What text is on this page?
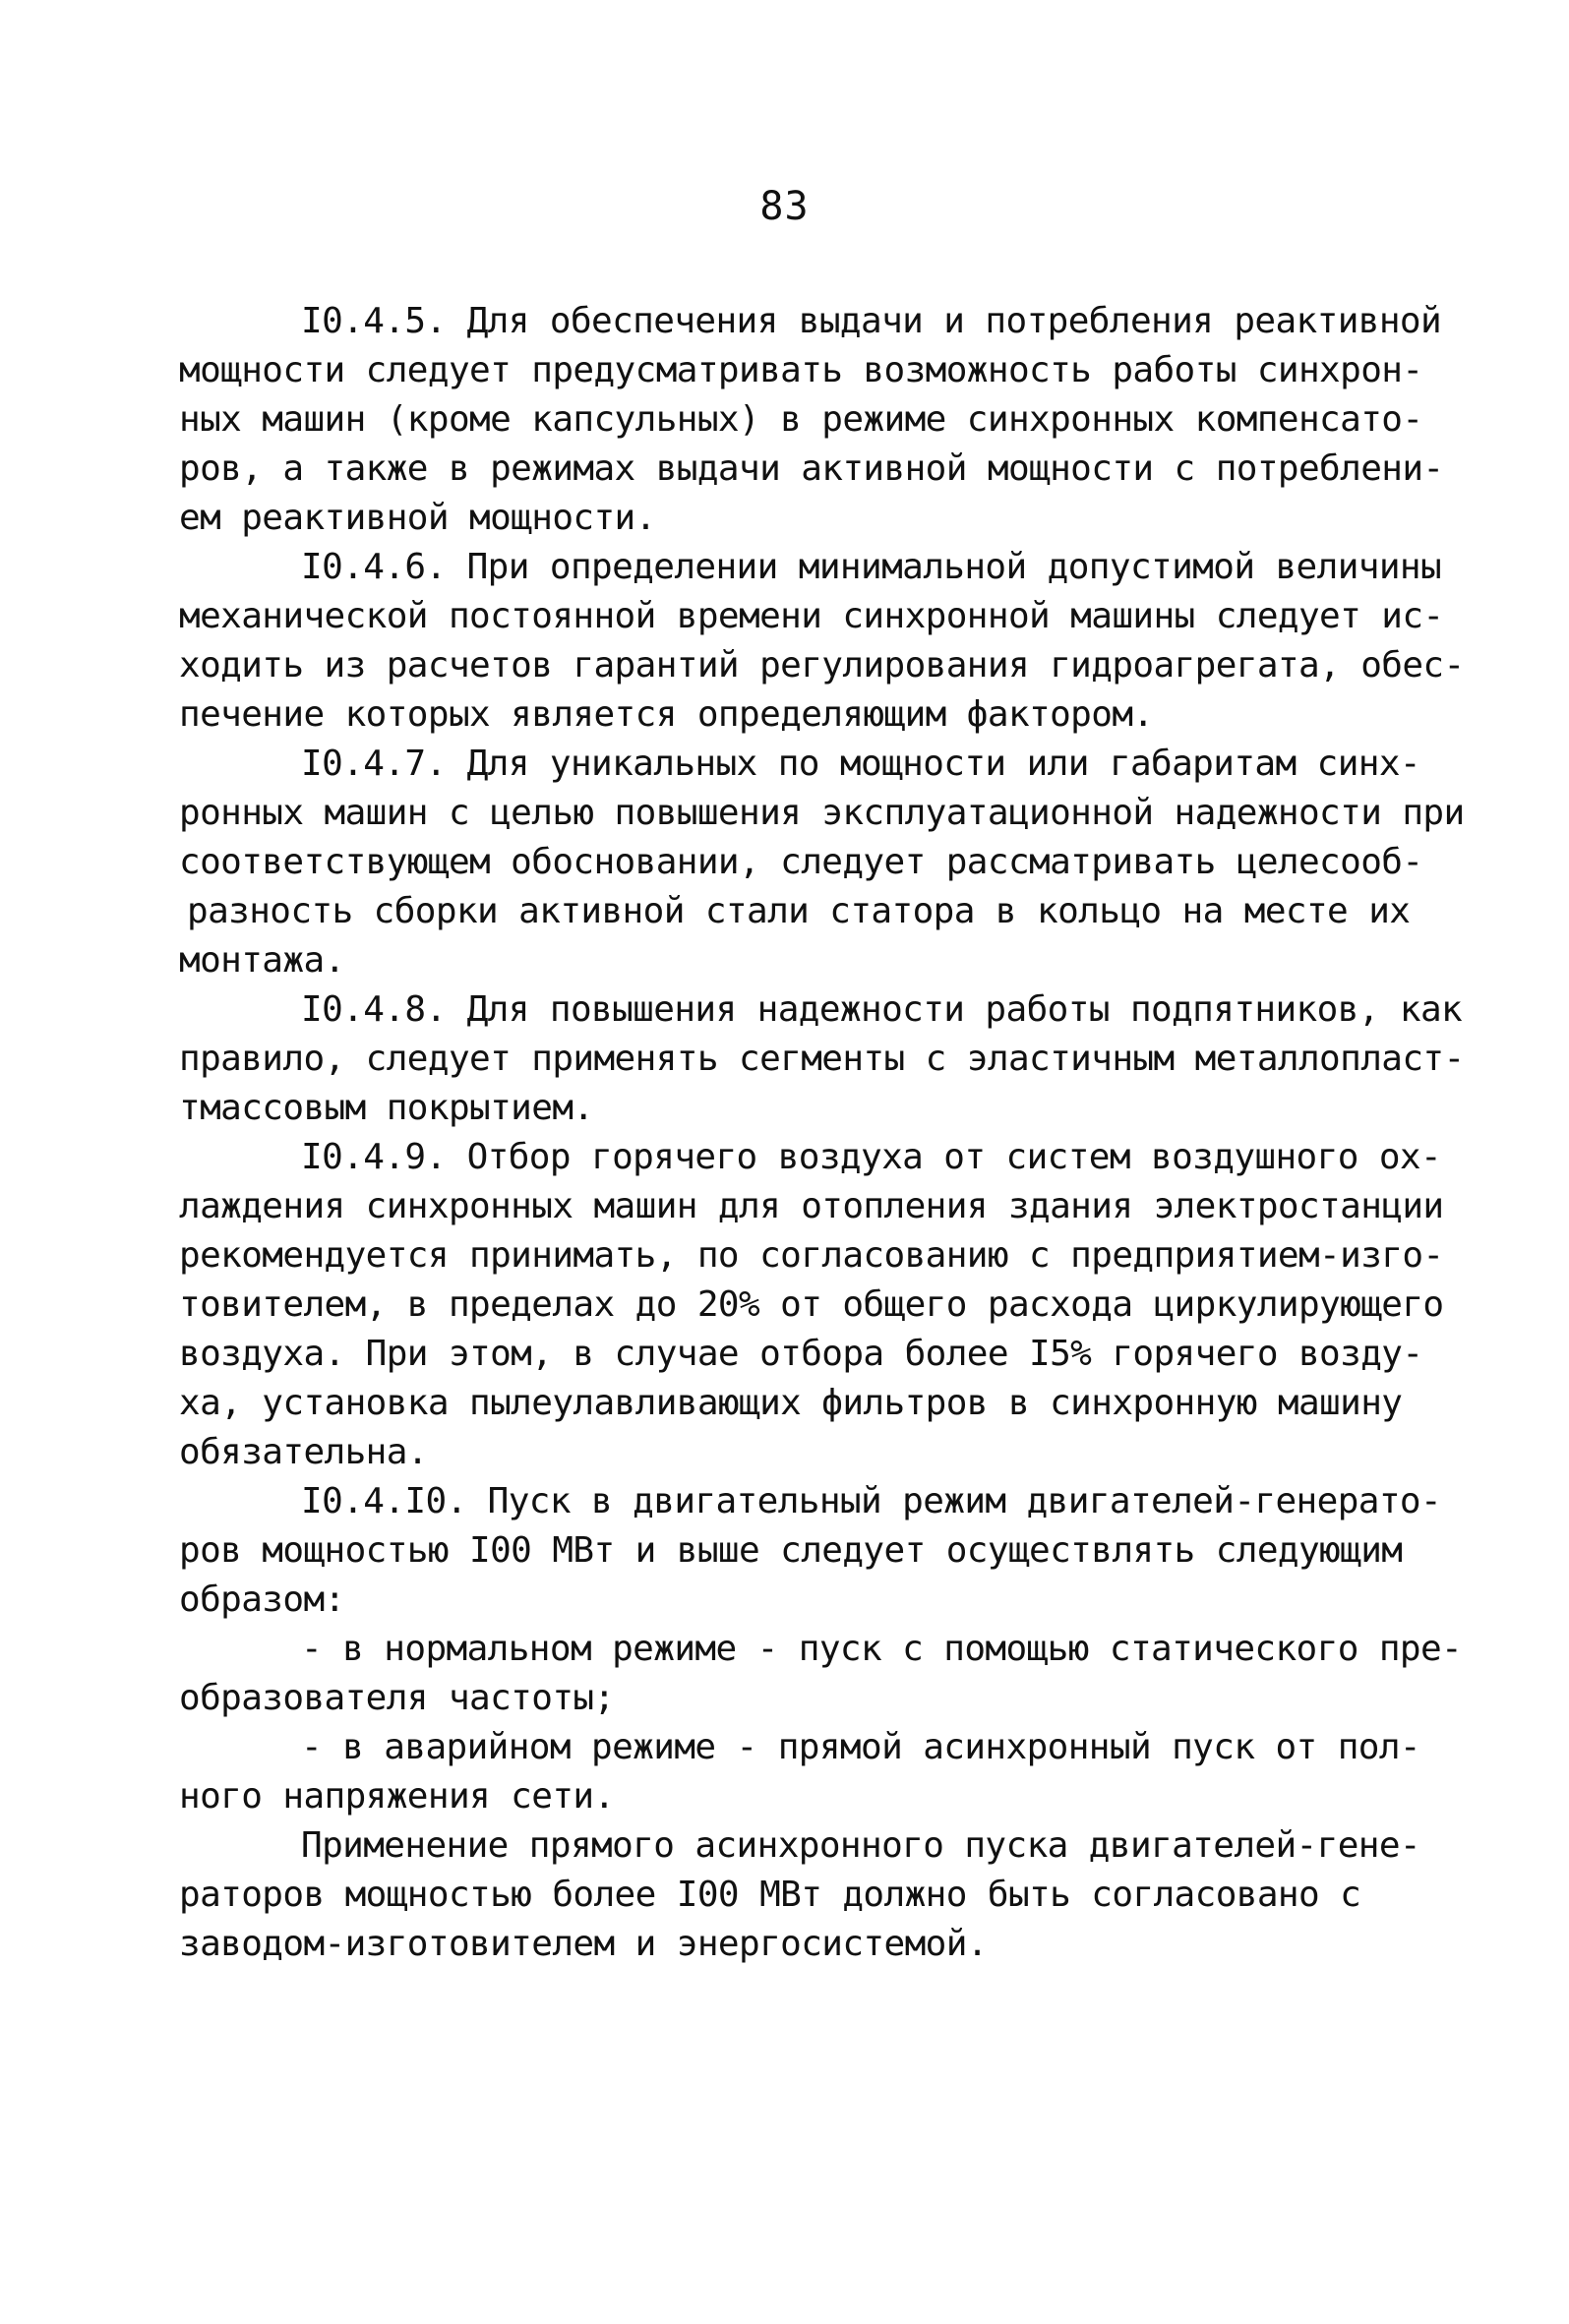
83
I0.4.5. Для обеспечения выдачи и потребления реактивной
мощности следует предусматривать возможность работы синхрон-
ных машин (кроме капсульных) в режиме синхронных компенсато-
ров, а также в режимах выдачи активной мощности с потреблени-
ем реактивной мощности.
I0.4.6. При определении минимальной допустимой величины
механической постоянной времени синхронной машины следует ис-
ходить из расчетов гарантий регулирования гидроагрегата, обес-
печение которых является определяющим фактором.
I0.4.7. Для уникальных по мощности или габаритам синх-
ронных машин с целью повышения эксплуатационной надежности при
соответствующем обосновании, следует рассматривать целесооб-
разность сборки активной стали статора в кольцо на месте их
монтажа.
I0.4.8. Для повышения надежности работы подпятников, как
правило, следует применять сегменты с эластичным металлопласт-
тмассовым покрытием.
I0.4.9. Отбор горячего воздуха от систем воздушного ох-
лаждения синхронных машин для отопления здания электростанции
рекомендуется принимать, по согласованию с предприятием-изго-
товителем, в пределах до 20% от общего расхода циркулирующего
воздуха. При этом, в случае отбора более I5% горячего возду-
ха, установка пылеулавливающих фильтров в синхронную машину
обязательна.
I0.4.I0. Пуск в двигательный режим двигателей-генерато-
ров мощностью I00 МВт и выше следует осуществлять следующим
образом:
- в нормальном режиме - пуск с помощью статического пре-
образователя частоты;
- в аварийном режиме - прямой асинхронный пуск от пол-
ного напряжения сети.
Применение прямого асинхронного пуска двигателей-гене-
раторов мощностью более I00 МВт должно быть согласовано с
заводом-изготовителем и энергосистемой.
